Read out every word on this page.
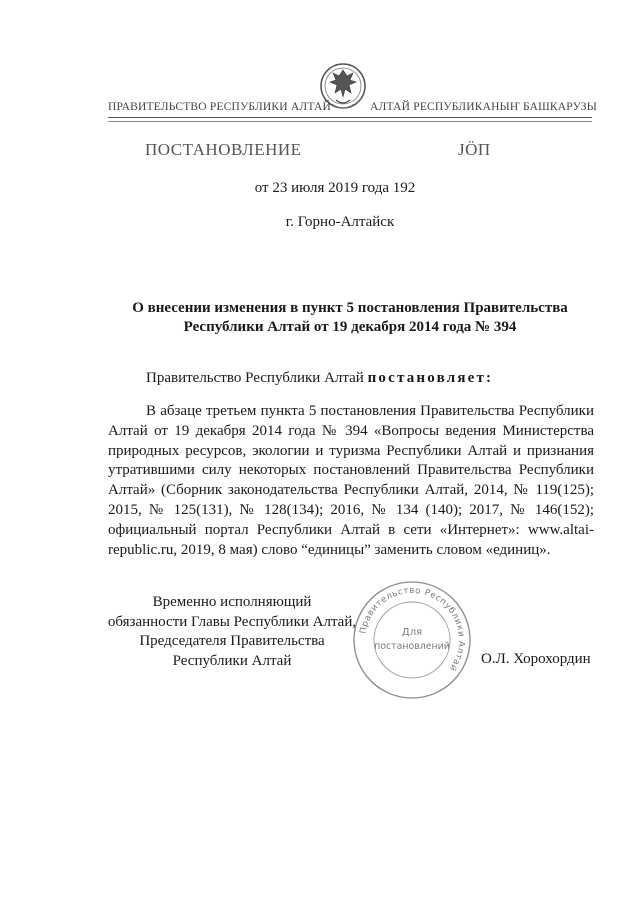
ПРАВИТЕЛЬСТВО РЕСПУБЛИКИ АЛТАЙ	АЛТАЙ РЕСПУБЛИКАНЫҤ БАШКАРУЗЫ
ПОСТАНОВЛЕНИЕ	JӦП
от 23 июля 2019 года 192
г. Горно-Алтайск
О внесении изменения в пункт 5 постановления Правительства
Республики Алтай от 19 декабря 2014 года № 394
Правительство Республики Алтай постановляет:
В абзаце третьем пункта 5 постановления Правительства Республики Алтай от 19 декабря 2014 года № 394 «Вопросы ведения Министерства природных ресурсов, экологии и туризма Республики Алтай и признания утратившими силу некоторых постановлений Правительства Республики Алтай» (Сборник законодательства Республики Алтай, 2014, № 119(125); 2015, № 125(131), № 128(134); 2016, № 134 (140); 2017, № 146(152); официальный портал Республики Алтай в сети «Интернет»: www.altai-republic.ru, 2019, 8 мая) слово “единицы” заменить словом «единиц».
Временно исполняющий
обязанности Главы Республики Алтай,
Председателя Правительства
Республики Алтай	О.Л. Хорохордин
Правительство Республики Алтай
Для
постановлений
